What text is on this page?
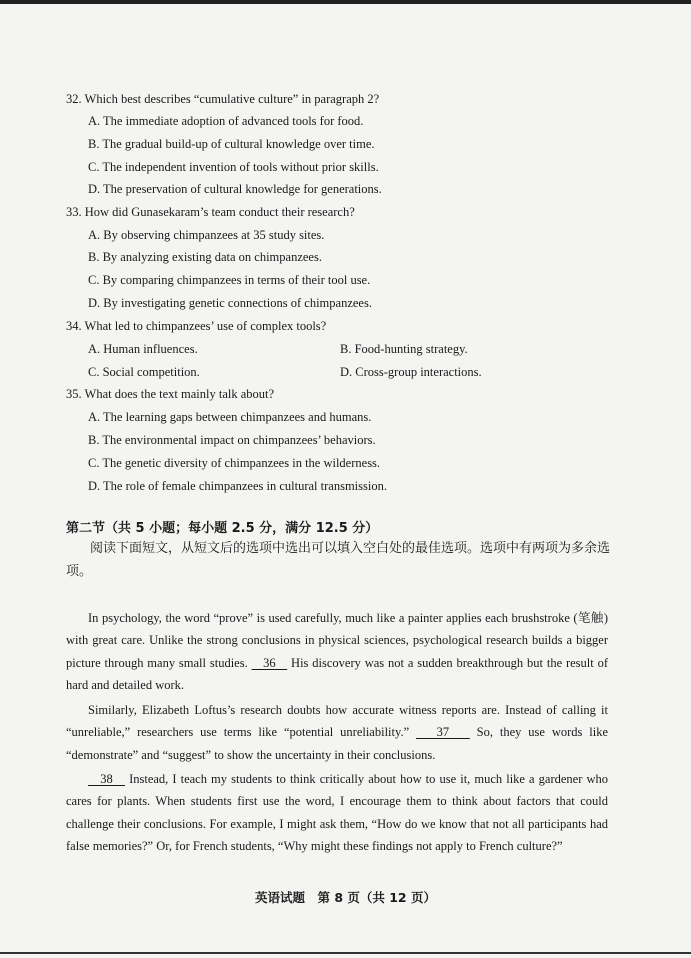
32. Which best describes “cumulative culture” in paragraph 2?
A. The immediate adoption of advanced tools for food.
B. The gradual build-up of cultural knowledge over time.
C. The independent invention of tools without prior skills.
D. The preservation of cultural knowledge for generations.
33. How did Gunasekaram’s team conduct their research?
A. By observing chimpanzees at 35 study sites.
B. By analyzing existing data on chimpanzees.
C. By comparing chimpanzees in terms of their tool use.
D. By investigating genetic connections of chimpanzees.
34. What led to chimpanzees’ use of complex tools?
A. Human influences.	B. Food-hunting strategy.
C. Social competition.	D. Cross-group interactions.
35. What does the text mainly talk about?
A. The learning gaps between chimpanzees and humans.
B. The environmental impact on chimpanzees’ behaviors.
C. The genetic diversity of chimpanzees in the wilderness.
D. The role of female chimpanzees in cultural transmission.
第二节（共 5 小题；每小题 2.5 分，满分 12.5 分）
阅读下面短文，从短文后的选项中选出可以填入空白处的最佳选项。选项中有两项为多余选项。
In psychology, the word “prove” is used carefully, much like a painter applies each brushstroke (笔触) with great care. Unlike the strong conclusions in physical sciences, psychological research builds a bigger picture through many small studies.    36    His discovery was not a sudden breakthrough but the result of hard and detailed work.
Similarly, Elizabeth Loftus’s research doubts how accurate witness reports are. Instead of calling it “unreliable,” researchers use terms like “potential unreliability.”    37    So, they use words like “demonstrate” and “suggest” to show the uncertainty in their conclusions.
38    Instead, I teach my students to think critically about how to use it, much like a gardener who cares for plants. When students first use the word, I encourage them to think about factors that could challenge their conclusions. For example, I might ask them, “How do we know that not all participants had false memories?” Or, for French students, “Why might these findings not apply to French culture?”
英语试题　第 8 页（共 12 页）
